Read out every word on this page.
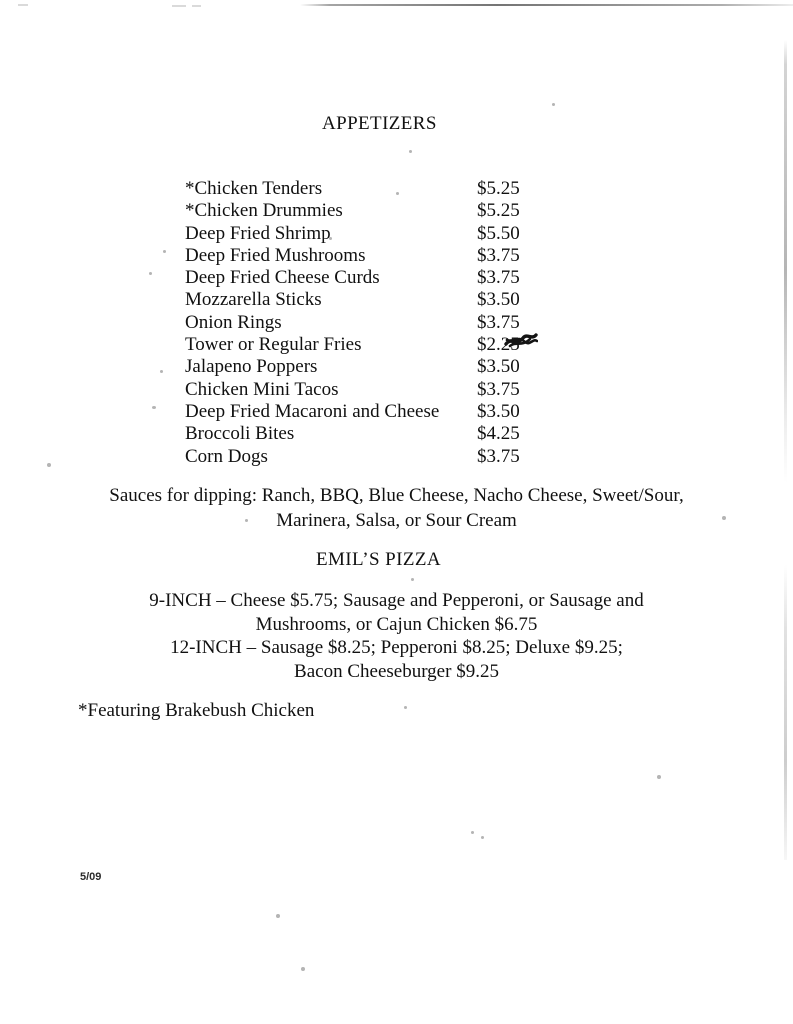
APPETIZERS
*Chicken Tenders	$5.25
*Chicken Drummies	$5.25
Deep Fried Shrimp	$5.50
Deep Fried Mushrooms	$3.75
Deep Fried Cheese Curds	$3.75
Mozzarella Sticks	$3.50
Onion Rings	$3.75
Tower or Regular Fries	$2.25
Jalapeno Poppers	$3.50
Chicken Mini Tacos	$3.75
Deep Fried Macaroni and Cheese $3.50
Broccoli Bites	$4.25
Corn Dogs	$3.75
Sauces for dipping: Ranch, BBQ, Blue Cheese, Nacho Cheese, Sweet/Sour,
Marinera, Salsa, or Sour Cream
EMIL’S PIZZA
9-INCH – Cheese $5.75; Sausage and Pepperoni, or Sausage and
Mushrooms, or Cajun Chicken $6.75
12-INCH – Sausage $8.25; Pepperoni $8.25; Deluxe $9.25;
Bacon Cheeseburger $9.25
*Featuring Brakebush Chicken
5/09
